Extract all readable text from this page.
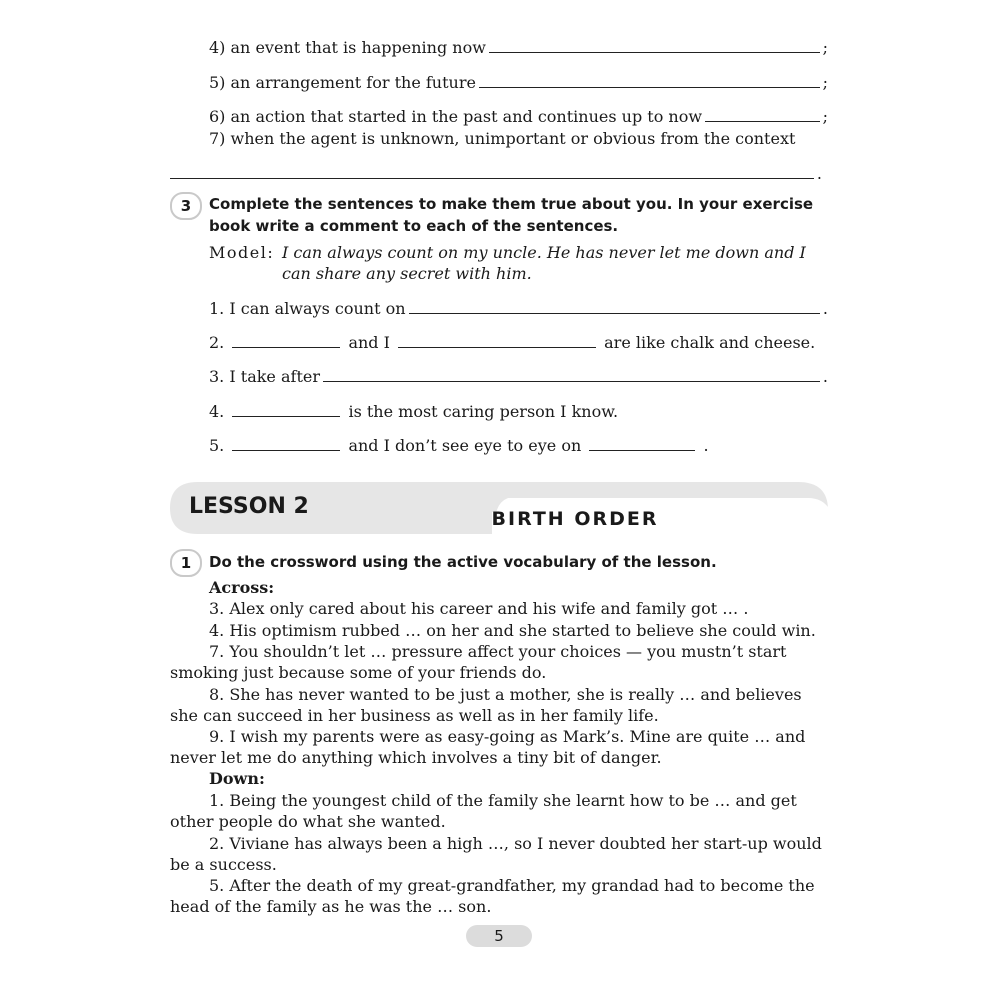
4) an event that is happening now	;
5) an arrangement for the future	;
6) an action that started in the past and continues up to now	;
7) when the agent is unknown, unimportant or obvious from the context
.
3	Complete the sentences to make them true about you. In your exercise book write a comment to each of the sentences.
Model: I can always count on my uncle. He has never let me down and I can share any secret with him.
1. I can always count on	.
2.	and I	are like chalk and cheese.
3. I take after	.
4.	is the most caring person I know.
5.	and I don’t see eye to eye on	.
LESSON 2	BIRTH ORDER
1	Do the crossword using the active vocabulary of the lesson.
Across:
3. Alex only cared about his career and his wife and family got … .
4. His optimism rubbed … on her and she started to believe she could win.
7. You shouldn’t let … pressure affect your choices — you mustn’t start smoking just because some of your friends do.
8. She has never wanted to be just a mother, she is really … and believes she can succeed in her business as well as in her family life.
9. I wish my parents were as easy-going as Mark’s. Mine are quite … and never let me do anything which involves a tiny bit of danger.
Down:
1. Being the youngest child of the family she learnt how to be … and get other people do what she wanted.
2. Viviane has always been a high …, so I never doubted her start-up would be a success.
5. After the death of my great-grandfather, my grandad had to become the head of the family as he was the … son.
5
